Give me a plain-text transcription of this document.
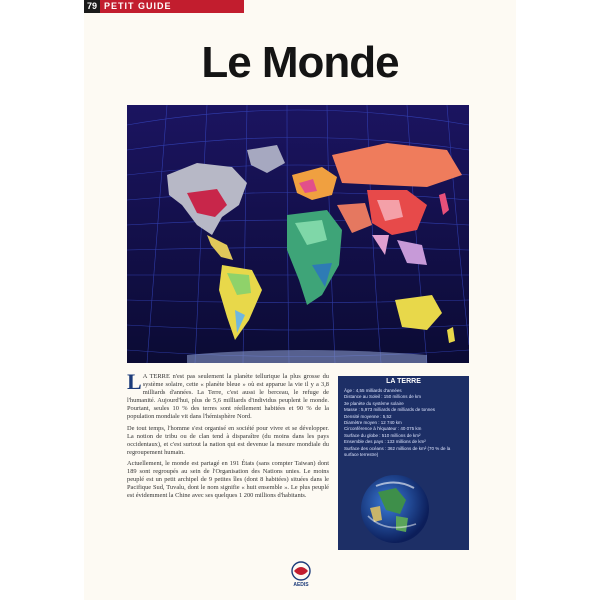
79 PETIT GUIDE
Le Monde

L A TERRE n'est pas seulement la planète tellurique la plus grosse du système solaire, cette « planète bleue » où est apparue la vie il y a 3,8 milliards d'années. La Terre, c'est aussi le berceau, le refuge de l'humanité. Aujourd'hui, plus de 5,6 milliards d'individus peuplent le monde. Pourtant, seules 10 % des terres sont réellement habitées et 90 % de la population mondiale vit dans l'hémisphère Nord.

De tout temps, l'homme s'est organisé en société pour vivre et se développer. La notion de tribu ou de clan tend à disparaître (du moins dans les pays occidentaux), et c'est surtout la nation qui est devenue la mesure mondiale du regroupement humain.

Actuellement, le monde est partagé en 191 États (sans compter Taiwan) dont 189 sont regroupés au sein de l'Organisation des Nations unies. Le moins peuplé est un petit archipel de 9 petites îles (dont 8 habitées) situées dans le Pacifique Sud, Tuvalu, dont le nom signifie « huit ensemble ». Le plus peuplé est évidemment la Chine avec ses quelques 1 200 millions d'habitants.

LA TERRE
Âge : 4,55 milliards d'années
Distance au Soleil : 150 millions de km
3e planète du système solaire
Masse : 5,973 milliards de milliards de tonnes
Densité moyenne : 5,52
Diamètre moyen : 12 740 km
Circonférence à l'équateur : 40 075 km
Surface du globe : 510 millions de km²
Ensemble des pays : 133 millions de km²
Surface des océans : 362 millions de km² (70 % de la surface terrestre)
AEDIS
